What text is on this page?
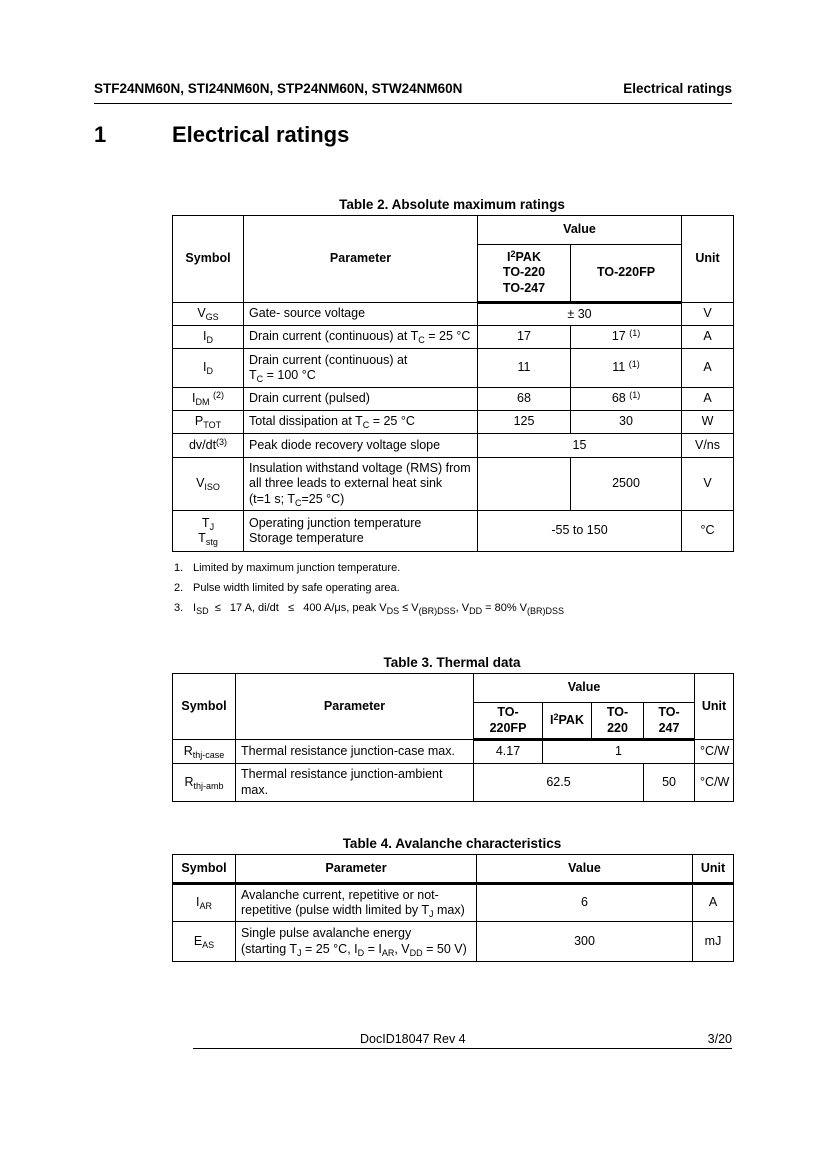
STF24NM60N, STI24NM60N, STP24NM60N, STW24NM60N	Electrical ratings
1	Electrical ratings
Table 2. Absolute maximum ratings
Symbol	Parameter	Value		Unit
		$I^2PAK$
TO-220
TO-247	TO-220FP	
$V_{GS}$	Gate- source voltage	± 30		V
$I_D$	Drain current (continuous) at $T_C = 25$ °C	17	17 $^{(1)}$	A
$I_D$	Drain current (continuous) at
$T_C = 100$ °C	11	11 $^{(1)}$	A
$I_{DM}$ $^{(2)}$	Drain current (pulsed)	68	68 $^{(1)}$	A
$P_{TOT}$	Total dissipation at $T_C = 25$ °C	125	30	W
$dv/dt^{(3)}$	Peak diode recovery voltage slope	15		V/ns
$V_{ISO}$	Insulation withstand voltage (RMS) from
all three leads to external heat sink
(t=1 s; $T_C=25$ °C)		2500	V
$T_J$
$T_{stg}$	Operating junction temperature
Storage temperature	-55 to 150		°C
1. Limited by maximum junction temperature.
2. Pulse width limited by safe operating area.
3. $I_{SD} \le 17$ A, di/dt   ≤   400 A/μs, peak $V_{DS} \le V_{(BR)DSS}$, $V_{DD} = 80\%$ $V_{(BR)DSS}$
Table 3. Thermal data
Symbol	Parameter	Value				Unit
		TO-220FP	$I^2PAK$	TO-220	TO-247	
$R_{thj-case}$	Thermal resistance junction-case max.	4.17	1			°C/W
$R_{thj-amb}$	Thermal resistance junction-ambient
max.	62.5			50	°C/W
Table 4. Avalanche characteristics
Symbol	Parameter	Value	Unit
$I_{AR}$	Avalanche current, repetitive or not-
repetitive (pulse width limited by $T_J$ max)	6	A
$E_{AS}$	Single pulse avalanche energy
(starting $T_J = 25$ °C, $I_D = I_{AR}$, $V_{DD} = 50$ V)	300	mJ
DocID18047 Rev 4	3/20
